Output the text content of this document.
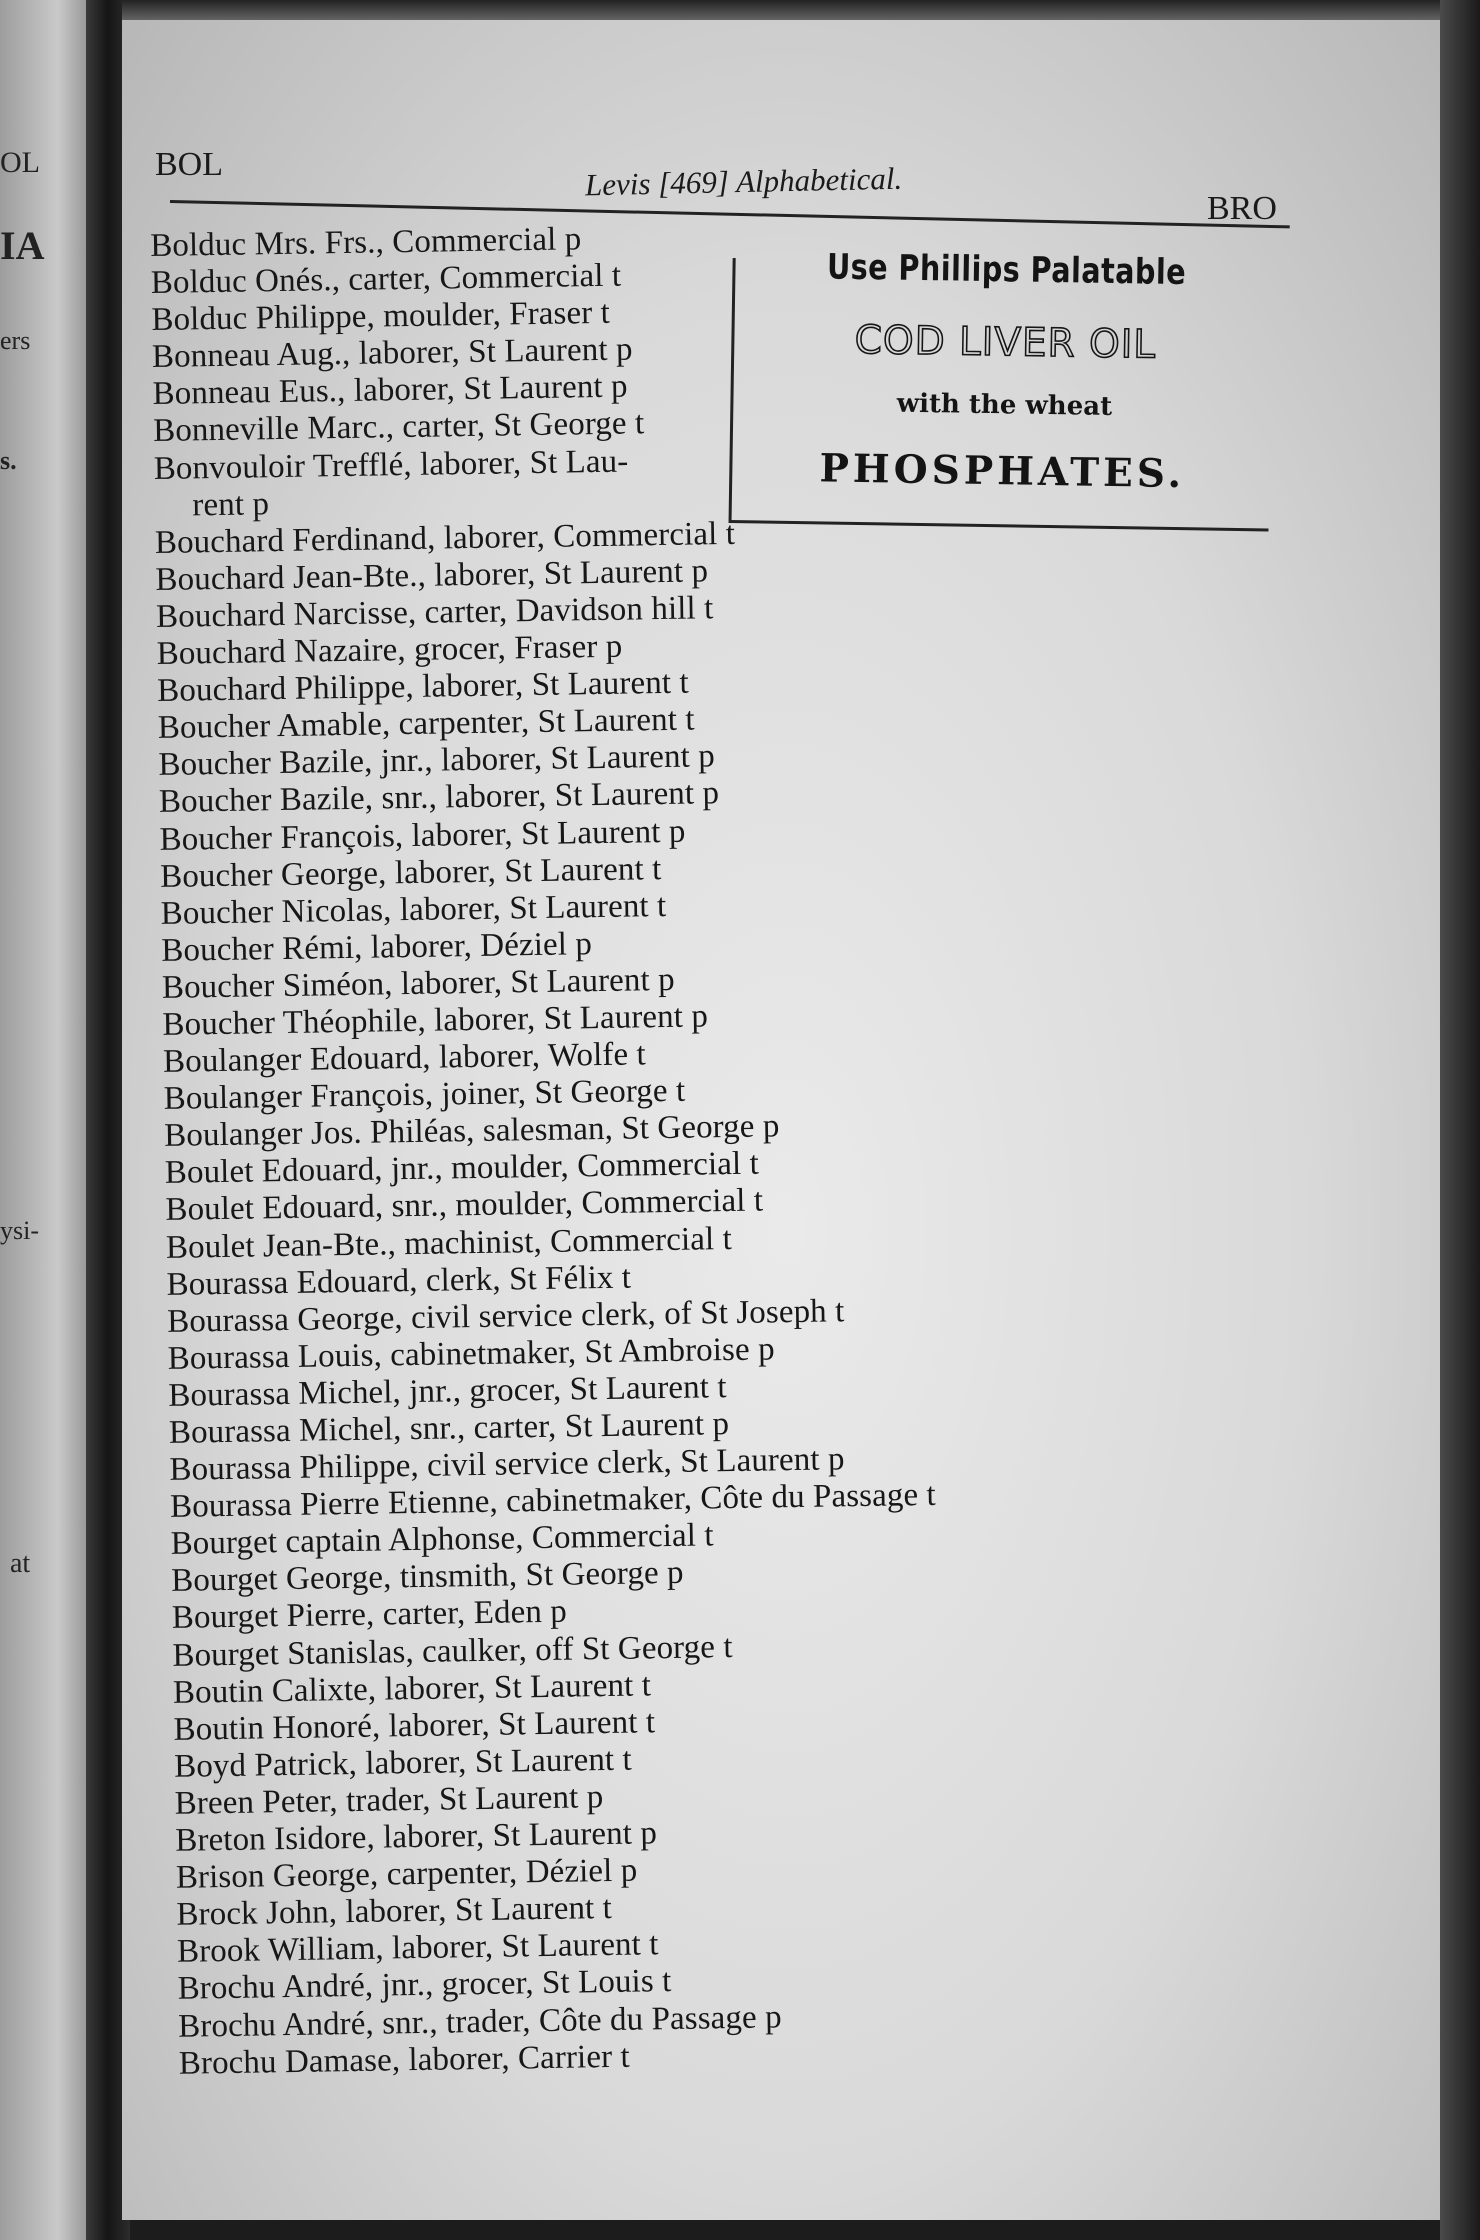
OL
IA
ers
s.
ysi-
at
BOL	Levis [469] Alphabetical.
BRO
Use Phillips Palatable
COD LIVER OIL
with the wheat
PHOSPHATES.
Bolduc Mrs. Frs., Commercial p
Bolduc Onés., carter, Commercial t
Bolduc Philippe, moulder, Fraser t
Bonneau Aug., laborer, St Laurent p
Bonneau Eus., laborer, St Laurent p
Bonneville Marc., carter, St George t
Bonvouloir Trefflé, laborer, St Lau-
rent p
Bouchard Ferdinand, laborer, Commercial t
Bouchard Jean-Bte., laborer, St Laurent p
Bouchard Narcisse, carter, Davidson hill t
Bouchard Nazaire, grocer, Fraser p
Bouchard Philippe, laborer, St Laurent t
Boucher Amable, carpenter, St Laurent t
Boucher Bazile, jnr., laborer, St Laurent p
Boucher Bazile, snr., laborer, St Laurent p
Boucher François, laborer, St Laurent p
Boucher George, laborer, St Laurent t
Boucher Nicolas, laborer, St Laurent t
Boucher Rémi, laborer, Déziel p
Boucher Siméon, laborer, St Laurent p
Boucher Théophile, laborer, St Laurent p
Boulanger Edouard, laborer, Wolfe t
Boulanger François, joiner, St George t
Boulanger Jos. Philéas, salesman, St George p
Boulet Edouard, jnr., moulder, Commercial t
Boulet Edouard, snr., moulder, Commercial t
Boulet Jean-Bte., machinist, Commercial t
Bourassa Edouard, clerk, St Félix t
Bourassa George, civil service clerk, of St Joseph t
Bourassa Louis, cabinetmaker, St Ambroise p
Bourassa Michel, jnr., grocer, St Laurent t
Bourassa Michel, snr., carter, St Laurent p
Bourassa Philippe, civil service clerk, St Laurent p
Bourassa Pierre Etienne, cabinetmaker, Côte du Passage t
Bourget captain Alphonse, Commercial t
Bourget George, tinsmith, St George p
Bourget Pierre, carter, Eden p
Bourget Stanislas, caulker, off St George t
Boutin Calixte, laborer, St Laurent t
Boutin Honoré, laborer, St Laurent t
Boyd Patrick, laborer, St Laurent t
Breen Peter, trader, St Laurent p
Breton Isidore, laborer, St Laurent p
Brison George, carpenter, Déziel p
Brock John, laborer, St Laurent t
Brook William, laborer, St Laurent t
Brochu André, jnr., grocer, St Louis t
Brochu André, snr., trader, Côte du Passage p
Brochu Damase, laborer, Carrier t
